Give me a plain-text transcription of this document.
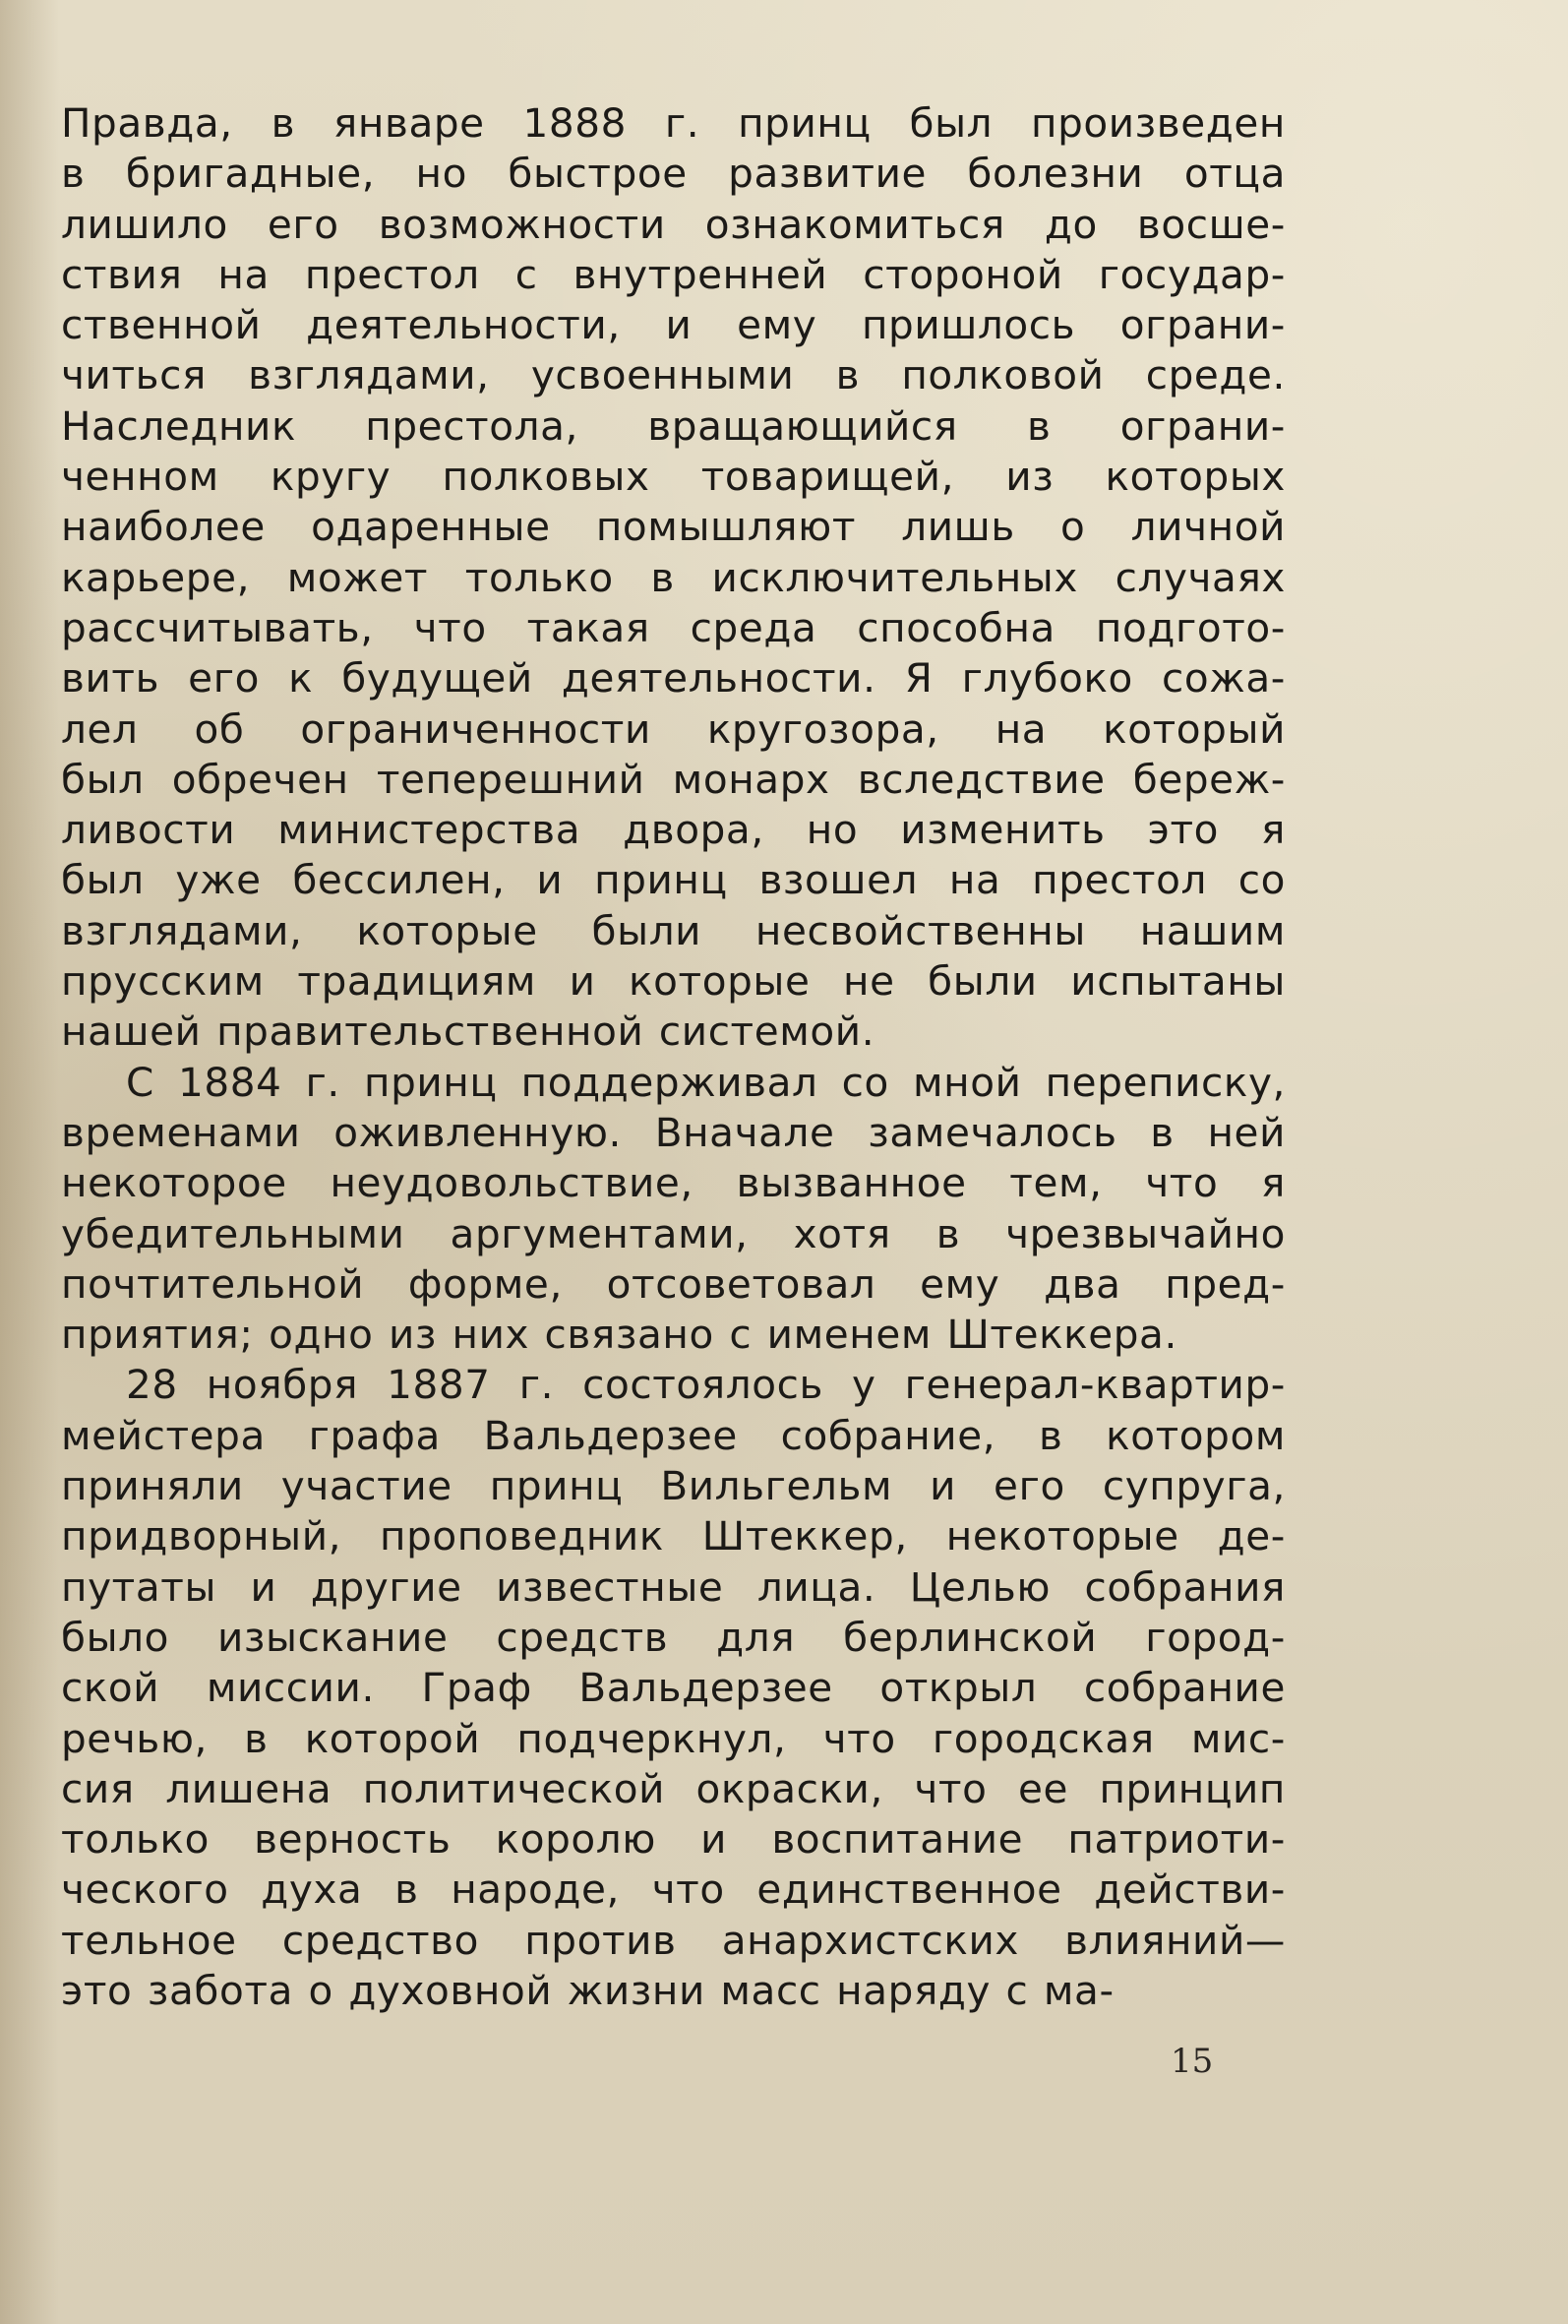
Правда, в январе 1888 г. принц был произведен
в бригадные, но быстрое развитие болезни отца
лишило его возможности ознакомиться до восше-
ствия на престол с внутренней стороной государ-
ственной деятельности, и ему пришлось ограни-
читься взглядами, усвоенными в полковой среде.
Наследник престола, вращающийся в ограни-
ченном кругу полковых товарищей, из которых
наиболее одаренные помышляют лишь о личной
карьере, может только в исключительных случаях
рассчитывать, что такая среда способна подгото-
вить его к будущей деятельности. Я глубоко сожа-
лел об ограниченности кругозора, на который
был обречен теперешний монарх вследствие береж-
ливости министерства двора, но изменить это я
был уже бессилен, и принц взошел на престол со
взглядами, которые были несвойственны нашим
прусским традициям и которые не были испытаны
нашей правительственной системой.
С 1884 г. принц поддерживал со мной переписку,
временами оживленную. Вначале замечалось в ней
некоторое неудовольствие, вызванное тем, что я
убедительными аргументами, хотя в чрезвычайно
почтительной форме, отсоветовал ему два пред-
приятия; одно из них связано с именем Штеккера.
28 ноября 1887 г. состоялось у генерал-квартир-
мейстера графа Вальдерзее собрание, в котором
приняли участие принц Вильгельм и его супруга,
придворный, проповедник Штеккер, некоторые де-
путаты и другие известные лица. Целью собрания
было изыскание средств для берлинской город-
ской миссии. Граф Вальдерзее открыл собрание
речью, в которой подчеркнул, что городская мис-
сия лишена политической окраски, что ее принцип
только верность королю и воспитание патриоти-
ческого духа в народе, что единственное действи-
тельное средство против анархистских влияний—
это забота о духовной жизни масс наряду с ма-
15
